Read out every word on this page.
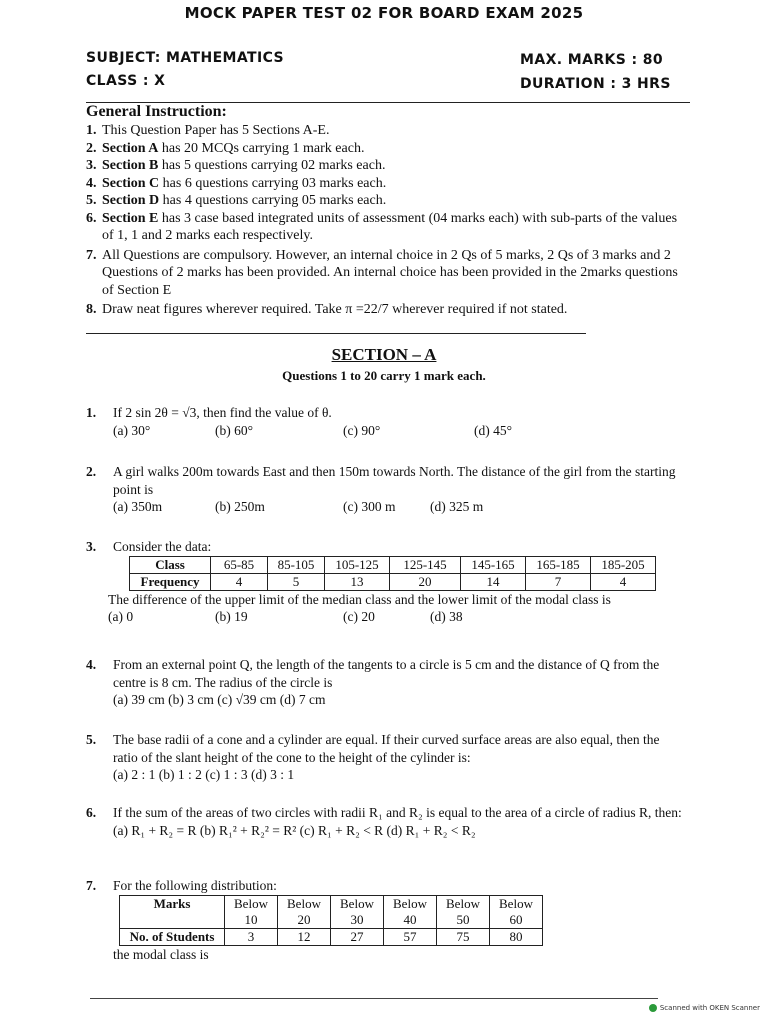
MOCK PAPER TEST 02 FOR BOARD EXAM 2025
SUBJECT: MATHEMATICS
CLASS : X
MAX. MARKS : 80
DURATION : 3 HRS
General Instruction:
1. This Question Paper has 5 Sections A-E.
2. Section A has 20 MCQs carrying 1 mark each.
3. Section B has 5 questions carrying 02 marks each.
4. Section C has 6 questions carrying 03 marks each.
5. Section D has 4 questions carrying 05 marks each.
6. Section E has 3 case based integrated units of assessment (04 marks each) with sub-parts of the values of 1, 1 and 2 marks each respectively.
7. All Questions are compulsory. However, an internal choice in 2 Qs of 5 marks, 2 Qs of 3 marks and 2 Questions of 2 marks has been provided. An internal choice has been provided in the 2marks questions of Section E
8. Draw neat figures wherever required. Take π =22/7 wherever required if not stated.
SECTION – A
Questions 1 to 20 carry 1 mark each.
1. If 2 sin 2θ = √3, then find the value of θ.
(a) 30°	(b) 60°	(c) 90°	(d) 45°
2. A girl walks 200m towards East and then 150m towards North. The distance of the girl from the starting point is
(a) 350m	(b) 250m	(c) 300 m	(d) 325 m
3. Consider the data:
Class	65-85	85-105	105-125	125-145	145-165	165-185	185-205
Frequency	4	5	13	20	14	7	4
The difference of the upper limit of the median class and the lower limit of the modal class is
(a) 0	(b) 19	(c) 20	(d) 38
4. From an external point Q, the length of the tangents to a circle is 5 cm and the distance of Q from the centre is 8 cm. The radius of the circle is
(a) 39 cm (b) 3 cm (c) √39 cm (d) 7 cm
5. The base radii of a cone and a cylinder are equal. If their curved surface areas are also equal, then the ratio of the slant height of the cone to the height of the cylinder is:
(a) 2 : 1 (b) 1 : 2 (c) 1 : 3 (d) 3 : 1
6. If the sum of the areas of two circles with radii R₁ and R₂ is equal to the area of a circle of radius R, then:
(a) R₁ + R₂ = R (b) R₁² + R₂² = R² (c) R₁ + R₂ < R (d) R₁ + R₂ < R₂
7. For the following distribution:
Marks	Below 10	Below 20	Below 30	Below 40	Below 50	Below 60
No. of Students	3	12	27	57	75	80
the modal class is
Scanned with OKEN Scanner
